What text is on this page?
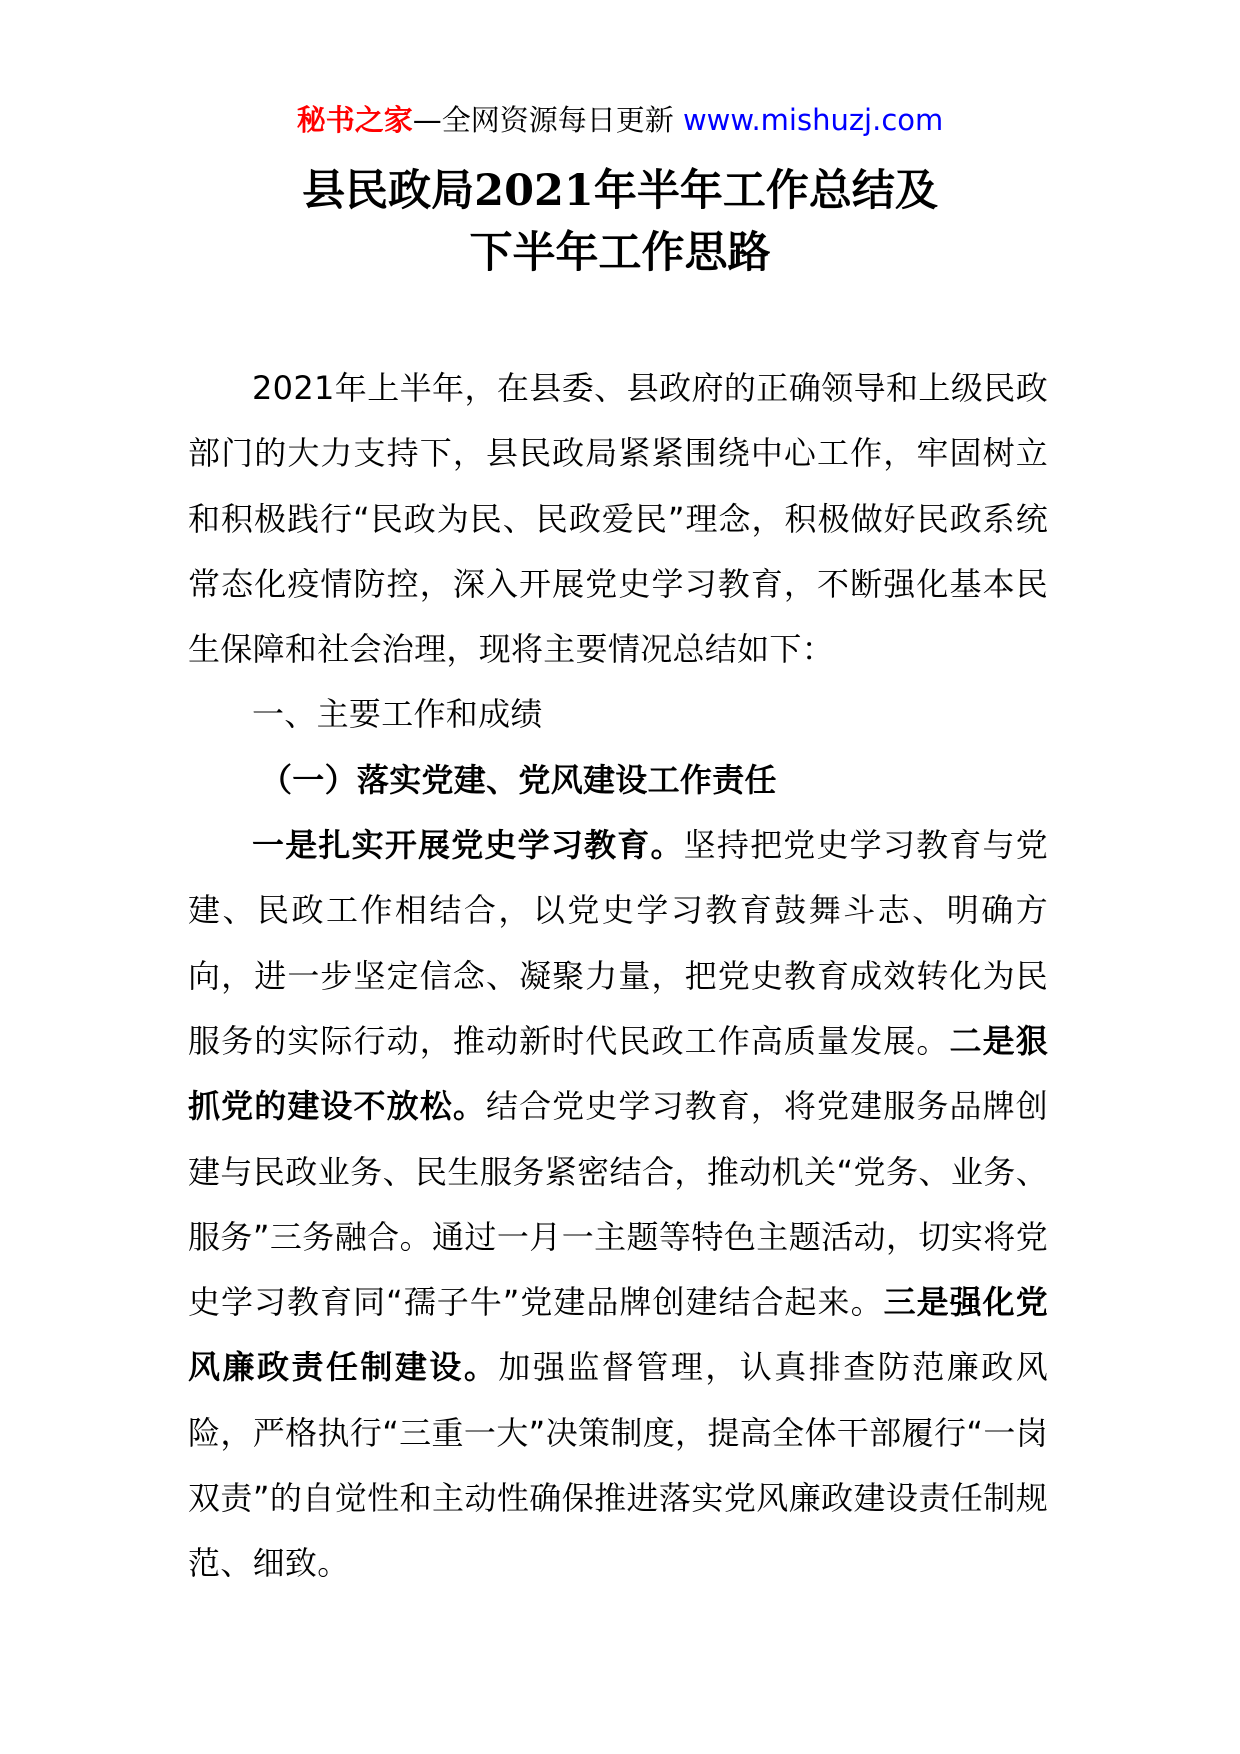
秘书之家—全网资源每日更新 www.mishuzj.com
县民政局2021年半年工作总结及
下半年工作思路

2021年上半年，在县委、县政府的正确领导和上级民政部门的大力支持下，县民政局紧紧围绕中心工作，牢固树立和积极践行“民政为民、民政爱民”理念，积极做好民政系统常态化疫情防控，深入开展党史学习教育，不断强化基本民生保障和社会治理，现将主要情况总结如下：

一、主要工作和成绩

（一）落实党建、党风建设工作责任

一是扎实开展党史学习教育。坚持把党史学习教育与党建、民政工作相结合，以党史学习教育鼓舞斗志、明确方向，进一步坚定信念、凝聚力量，把党史教育成效转化为民服务的实际行动，推动新时代民政工作高质量发展。二是狠抓党的建设不放松。结合党史学习教育，将党建服务品牌创建与民政业务、民生服务紧密结合，推动机关“党务、业务、服务”三务融合。通过一月一主题等特色主题活动，切实将党史学习教育同“孺子牛”党建品牌创建结合起来。三是强化党风廉政责任制建设。加强监督管理，认真排查防范廉政风险，严格执行“三重一大”决策制度，提高全体干部履行“一岗双责”的自觉性和主动性确保推进落实党风廉政建设责任制规范、细致。
